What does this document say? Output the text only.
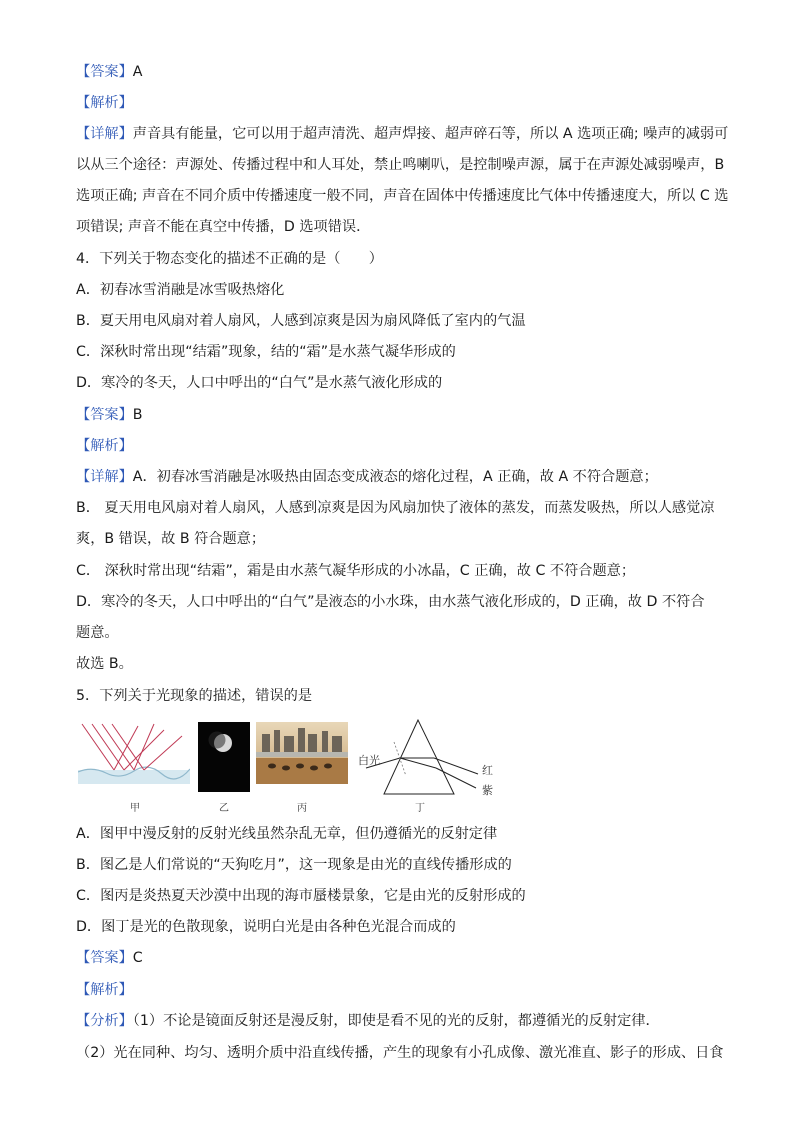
【答案】A
【解析】
【详解】声音具有能量，它可以用于超声清洗、超声焊接、超声碎石等，所以 A 选项正确; 噪声的减弱可
以从三个途径：声源处、传播过程中和人耳处，禁止鸣喇叭，是控制噪声源，属于在声源处减弱噪声，B
选项正确; 声音在不同介质中传播速度一般不同，声音在固体中传播速度比气体中传播速度大，所以 C 选
项错误; 声音不能在真空中传播，D 选项错误．
4．下列关于物态变化的描述不正确的是（　　）
A．初春冰雪消融是冰雪吸热熔化
B．夏天用电风扇对着人扇风，人感到凉爽是因为扇风降低了室内的气温
C．深秋时常出现“结霜”现象，结的“霜”是水蒸气凝华形成的
D．寒冷的冬天，人口中呼出的“白气”是水蒸气液化形成的
【答案】B
【解析】
【详解】A．初春冰雪消融是冰吸热由固态变成液态的熔化过程，A 正确，故 A 不符合题意；
B． 夏天用电风扇对着人扇风，人感到凉爽是因为风扇加快了液体的蒸发，而蒸发吸热，所以人感觉凉
爽，B 错误，故 B 符合题意；
C． 深秋时常出现“结霜”，霜是由水蒸气凝华形成的小冰晶，C 正确，故 C 不符合题意；
D．寒冷的冬天，人口中呼出的“白气”是液态的小水珠，由水蒸气液化形成的，D 正确，故 D 不符合
题意。
故选 B。
5．下列关于光现象的描述，错误的是
甲	乙	丙
白光
红
紫
丁
A．图甲中漫反射的反射光线虽然杂乱无章，但仍遵循光的反射定律
B．图乙是人们常说的“天狗吃月”，这一现象是由光的直线传播形成的
C．图丙是炎热夏天沙漠中出现的海市蜃楼景象，它是由光的反射形成的
D．图丁是光的色散现象，说明白光是由各种色光混合而成的
【答案】C
【解析】
【分析】（1）不论是镜面反射还是漫反射，即使是看不见的光的反射，都遵循光的反射定律．
（2）光在同种、均匀、透明介质中沿直线传播，产生的现象有小孔成像、激光准直、影子的形成、日食
